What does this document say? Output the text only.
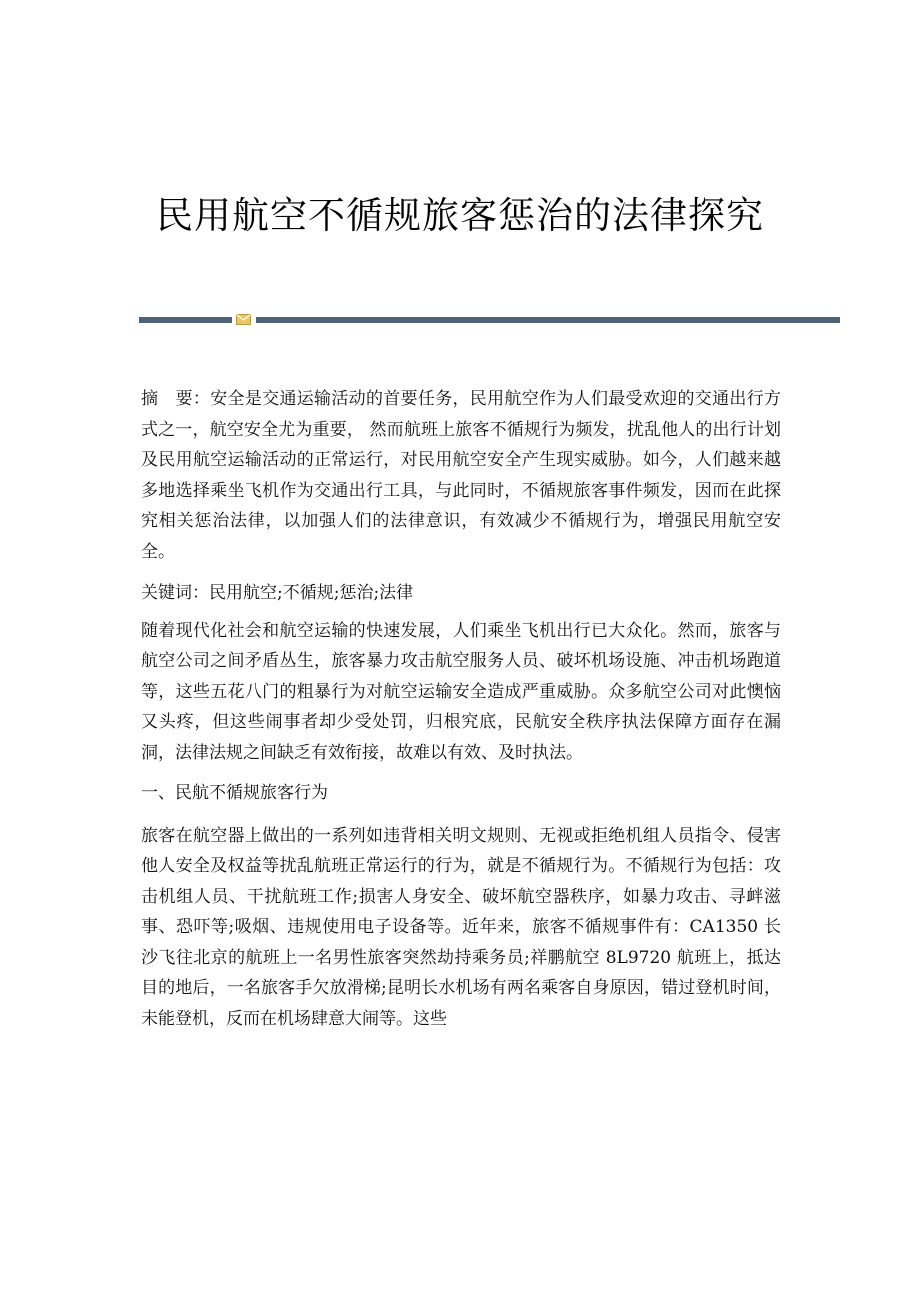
民用航空不循规旅客惩治的法律探究

摘　要：安全是交通运输活动的首要任务，民用航空作为人们最受欢迎的交通出行方式之一，航空安全尤为重要， 然而航班上旅客不循规行为频发，扰乱他人的出行计划及民用航空运输活动的正常运行，对民用航空安全产生现实威胁。如今，人们越来越多地选择乘坐飞机作为交通出行工具，与此同时，不循规旅客事件频发，因而在此探究相关惩治法律，以加强人们的法律意识，有效减少不循规行为，增强民用航空安全。

关键词：民用航空;不循规;惩治;法律

随着现代化社会和航空运输的快速发展，人们乘坐飞机出行已大众化。然而，旅客与航空公司之间矛盾丛生，旅客暴力攻击航空服务人员、破坏机场设施、冲击机场跑道等，这些五花八门的粗暴行为对航空运输安全造成严重威胁。众多航空公司对此懊恼又头疼，但这些闹事者却少受处罚，归根究底，民航安全秩序执法保障方面存在漏洞，法律法规之间缺乏有效衔接，故难以有效、及时执法。

一、民航不循规旅客行为

旅客在航空器上做出的一系列如违背相关明文规则、无视或拒绝机组人员指令、侵害他人安全及权益等扰乱航班正常运行的行为，就是不循规行为。不循规行为包括：攻击机组人员、干扰航班工作;损害人身安全、破坏航空器秩序，如暴力攻击、寻衅滋事、恐吓等;吸烟、违规使用电子设备等。近年来，旅客不循规事件有：CA1350 长沙飞往北京的航班上一名男性旅客突然劫持乘务员;祥鹏航空 8L9720 航班上，抵达目的地后，一名旅客手欠放滑梯;昆明长水机场有两名乘客自身原因，错过登机时间，未能登机，反而在机场肆意大闹等。这些
